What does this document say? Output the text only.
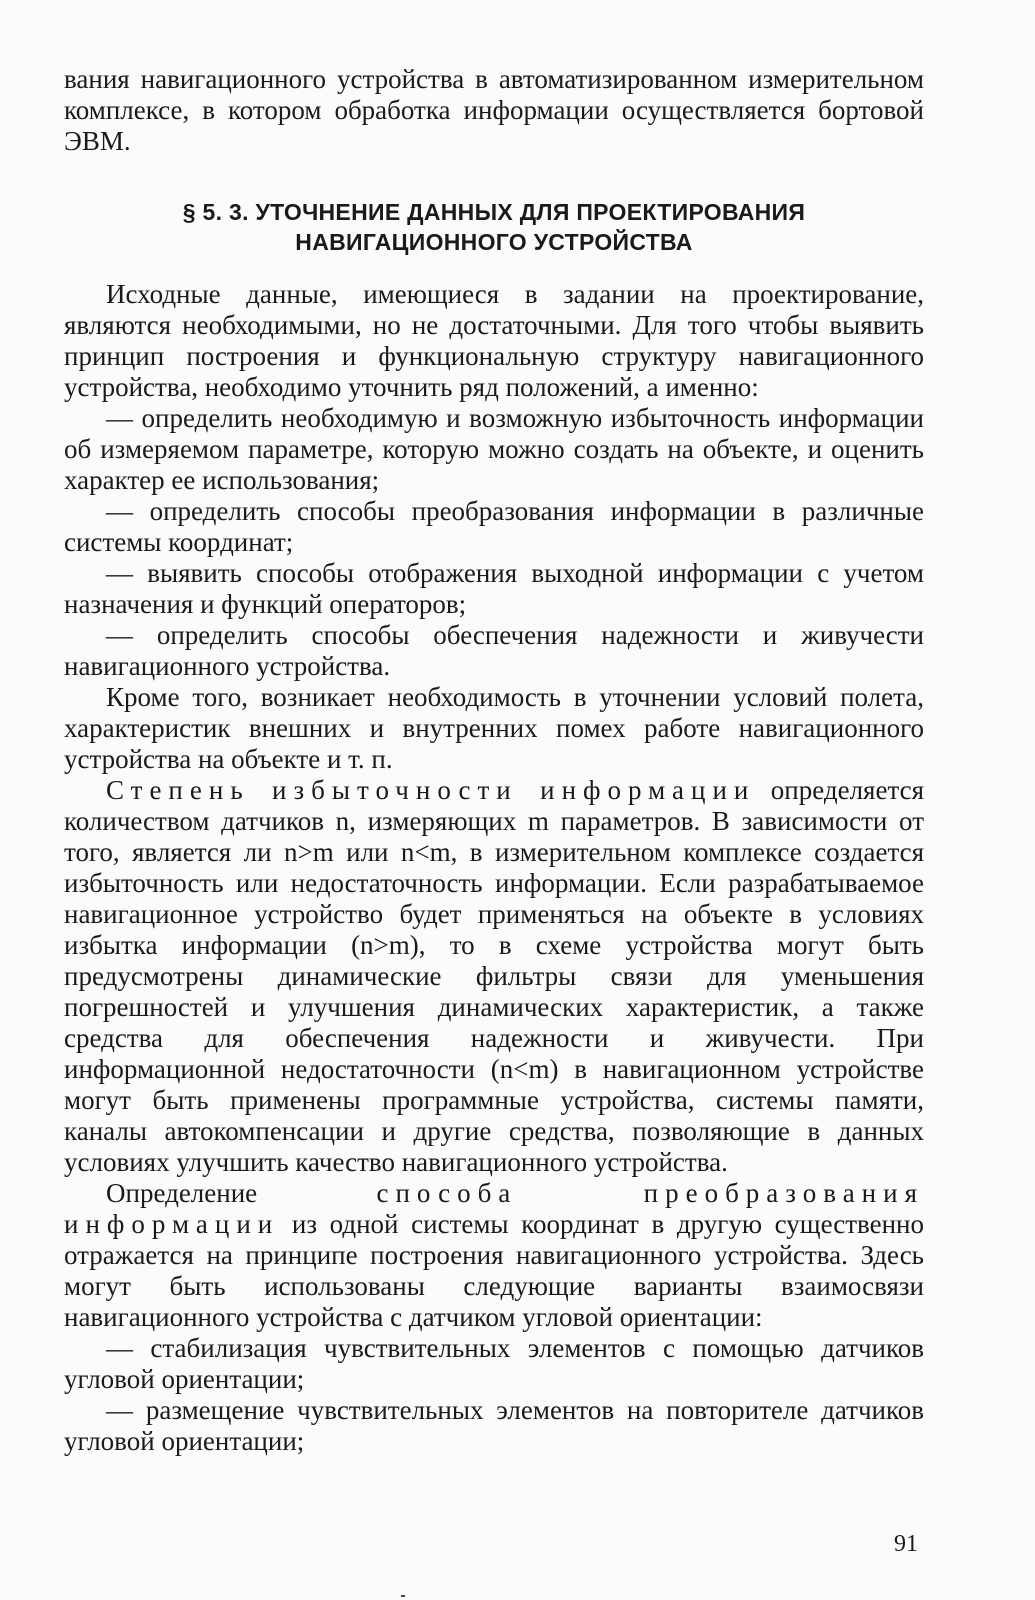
вания навигационного устройства в автоматизированном измерительном комплексе, в котором обработка информации осуществляется бортовой ЭВМ.

§ 5. 3. УТОЧНЕНИЕ ДАННЫХ ДЛЯ ПРОЕКТИРОВАНИЯ
НАВИГАЦИОННОГО УСТРОЙСТВА

Исходные данные, имеющиеся в задании на проектирование, являются необходимыми, но не достаточными. Для того чтобы выявить принцип построения и функциональную структуру навигационного устройства, необходимо уточнить ряд положений, а именно:

— определить необходимую и возможную избыточность информации об измеряемом параметре, которую можно создать на объекте, и оценить характер ее использования;

— определить способы преобразования информации в различные системы координат;

— выявить способы отображения выходной информации с учетом назначения и функций операторов;

— определить способы обеспечения надежности и живучести навигационного устройства.

Кроме того, возникает необходимость в уточнении условий полета, характеристик внешних и внутренних помех работе навигационного устройства на объекте и т. п.

Степень избыточности информации определяется количеством датчиков n, измеряющих m параметров. В зависимости от того, является ли n>m или n<m, в измерительном комплексе создается избыточность или недостаточность информации. Если разрабатываемое навигационное устройство будет применяться на объекте в условиях избытка информации (n>m), то в схеме устройства могут быть предусмотрены динамические фильтры связи для уменьшения погрешностей и улучшения динамических характеристик, а также средства для обеспечения надежности и живучести. При информационной недостаточности (n<m) в навигационном устройстве могут быть применены программные устройства, системы памяти, каналы автокомпенсации и другие средства, позволяющие в данных условиях улучшить качество навигационного устройства.

Определение способа преобразования информации из одной системы координат в другую существенно отражается на принципе построения навигационного устройства. Здесь могут быть использованы следующие варианты взаимосвязи навигационного устройства с датчиком угловой ориентации:

— стабилизация чувствительных элементов с помощью датчиков угловой ориентации;

— размещение чувствительных элементов на повторителе датчиков угловой ориентации;

91
